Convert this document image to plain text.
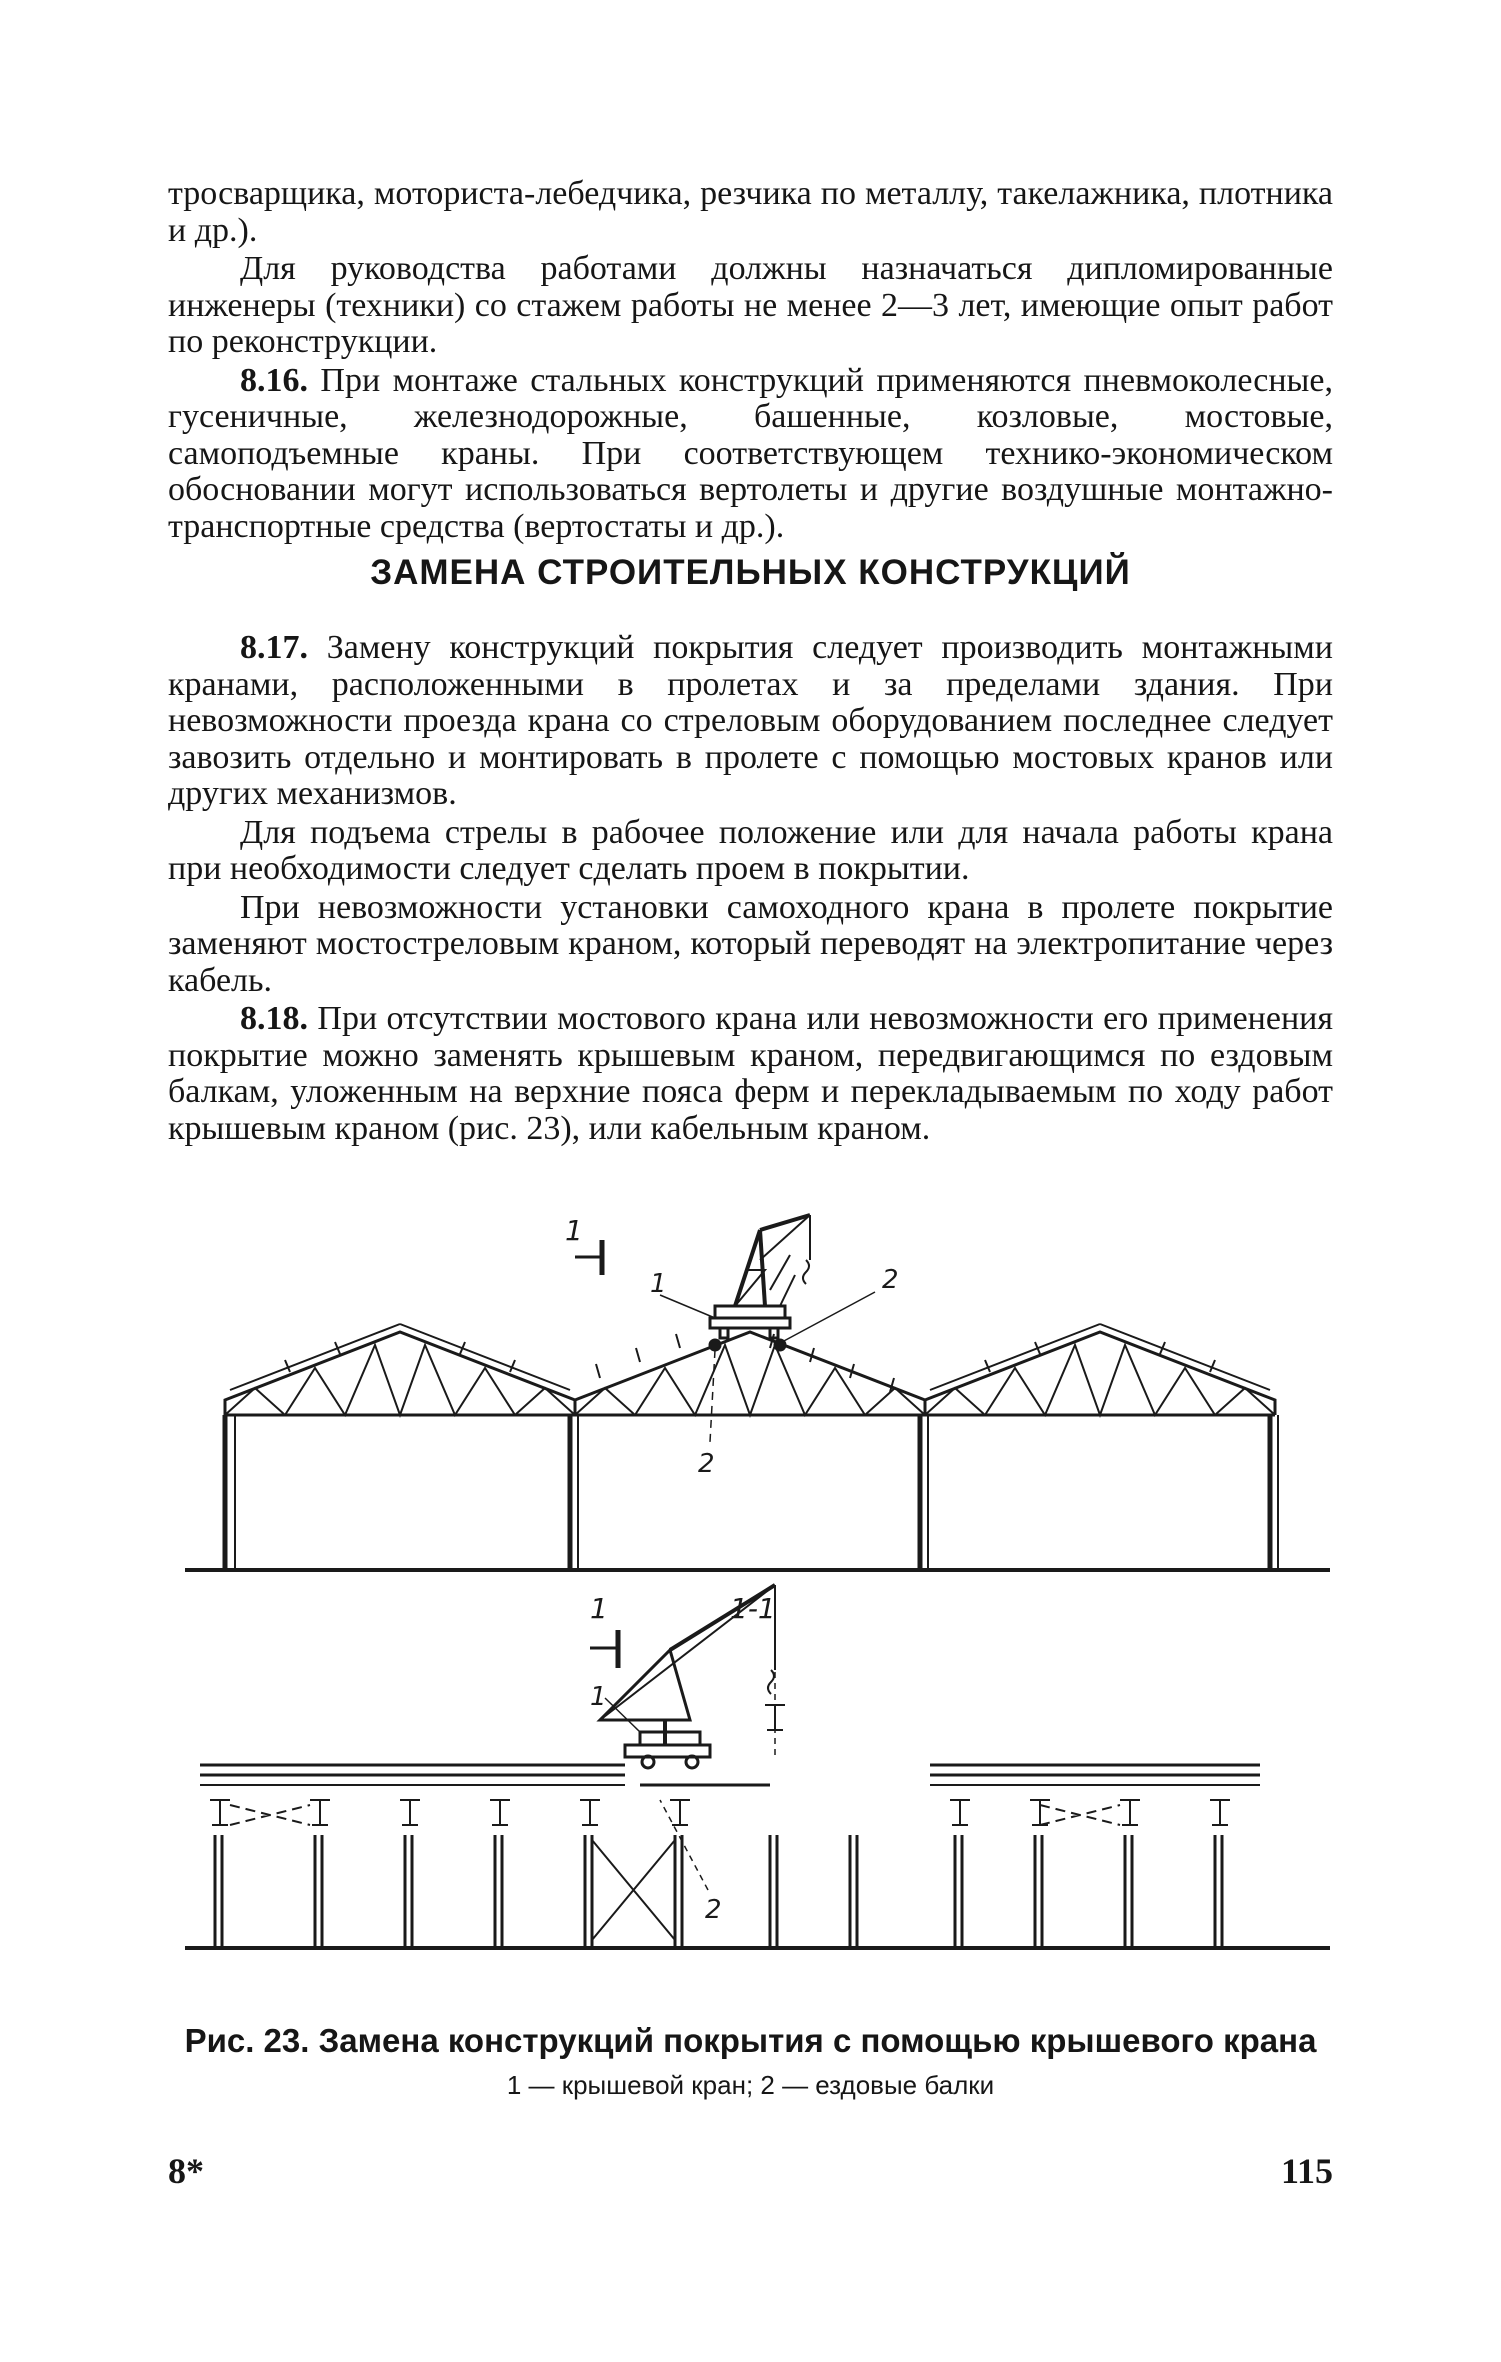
тросварщика, моториста-лебедчика, резчика по металлу, такелажника, плотника и др.).

Для руководства работами должны назначаться дипломированные инженеры (техники) со стажем работы не менее 2—3 лет, имеющие опыт работ по реконструкции.

8.16. При монтаже стальных конструкций применяются пневмоколесные, гусеничные, железнодорожные, башенные, козловые, мостовые, самоподъемные краны. При соответствующем технико-экономическом обосновании могут использоваться вертолеты и другие воздушные монтажно-транспортные средства (вертостаты и др.).

ЗАМЕНА СТРОИТЕЛЬНЫХ КОНСТРУКЦИЙ

8.17. Замену конструкций покрытия следует производить монтажными кранами, расположенными в пролетах и за пределами здания. При невозможности проезда крана со стреловым оборудованием последнее следует завозить отдельно и монтировать в пролете с помощью мостовых кранов или других механизмов.

Для подъема стрелы в рабочее положение или для начала работы крана при необходимости следует сделать проем в покрытии.

При невозможности установки самоходного крана в пролете покрытие заменяют мостостреловым краном, который переводят на электропитание через кабель.

8.18. При отсутствии мостового крана или невозможности его применения покрытие можно заменять крышевым краном, передвигающимся по ездовым балкам, уложенным на верхние пояса ферм и перекладываемым по ходу работ крышевым краном (рис. 23), или кабельным краном.

1
1	2
2
1	1-1
1
2

Рис. 23. Замена конструкций покрытия с помощью крышевого крана

1 — крышевой кран; 2 — ездовые балки

8*	115
